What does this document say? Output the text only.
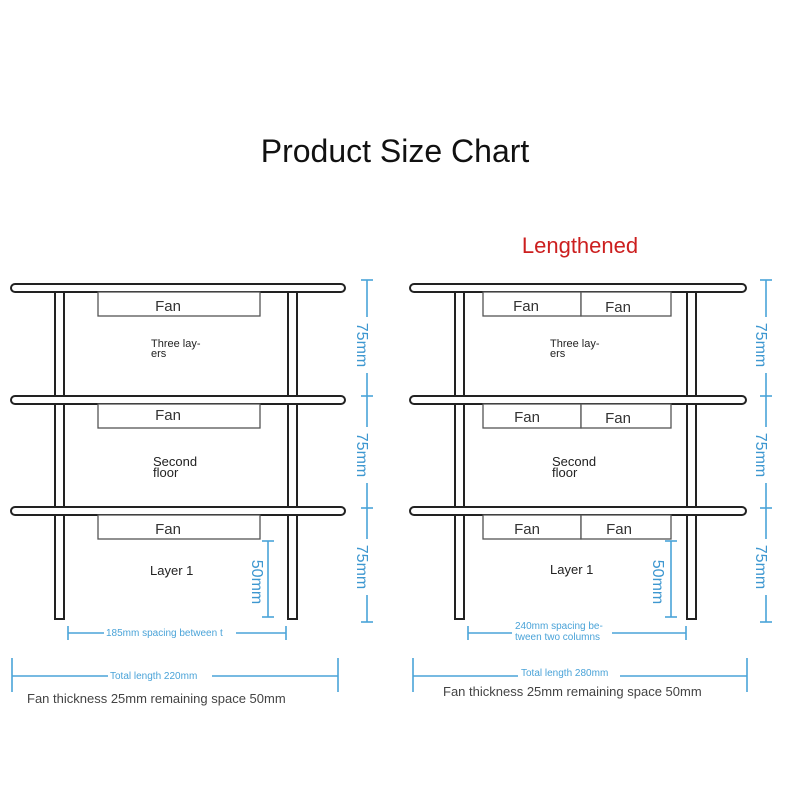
Product Size Chart
Lengthened
Fan
Fan
Fan
Three lay-
ers
Second
floor
Layer 1
75mm
75mm
75mm
50mm
185mm spacing between t
Total length 220mm
Fan thickness 25mm remaining space 50mm
Fan	Fan
Fan	Fan
Fan	Fan
Three lay-
ers
Second
floor
Layer 1
75mm
75mm
75mm
50mm
240mm spacing be-
tween two columns
Total length 280mm
Fan thickness 25mm remaining space 50mm
